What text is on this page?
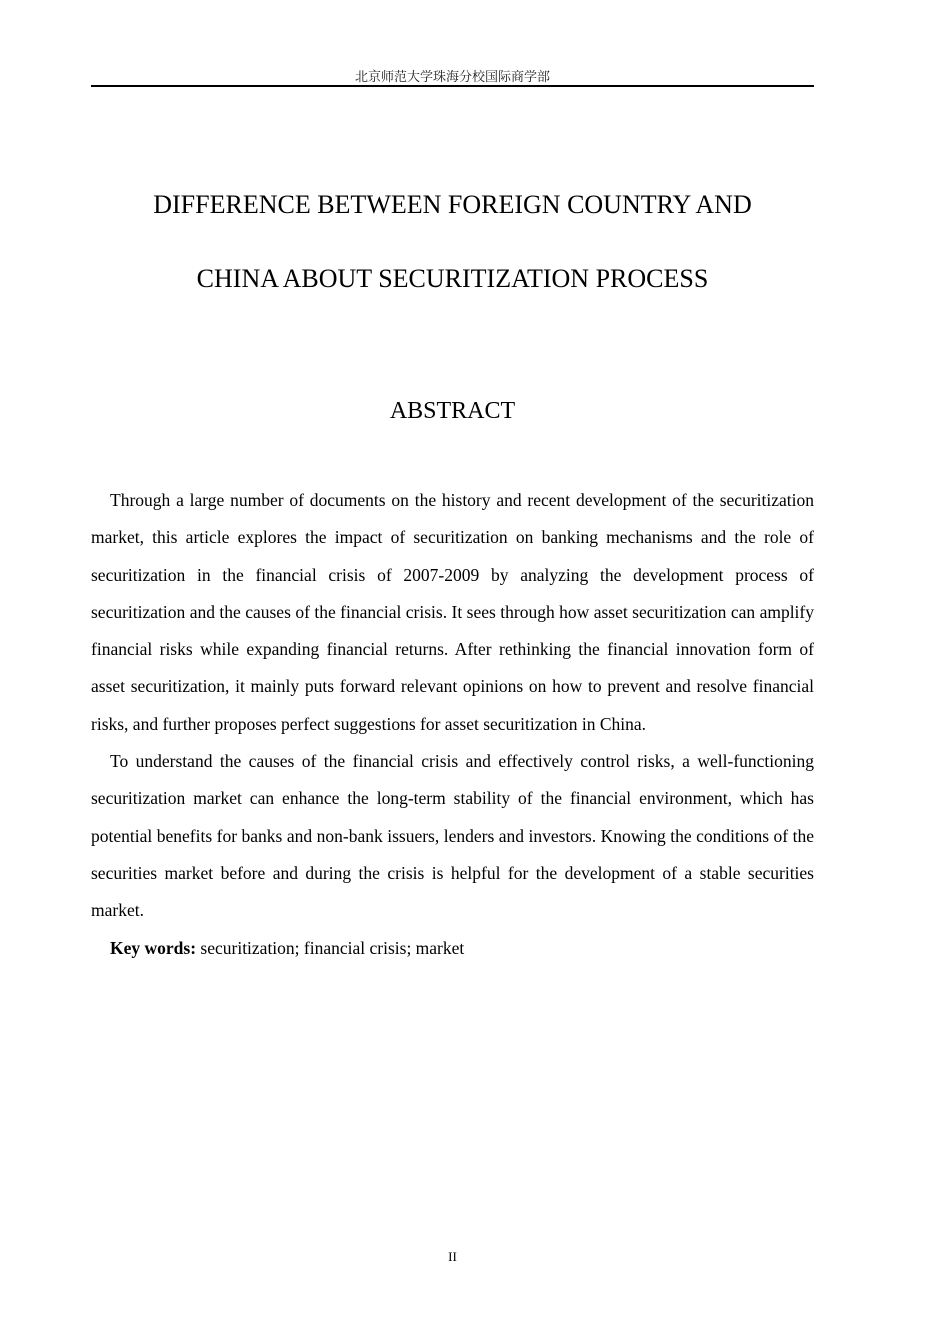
北京师范大学珠海分校国际商学部
DIFFERENCE BETWEEN FOREIGN COUNTRY AND
CHINA ABOUT SECURITIZATION PROCESS
ABSTRACT

Through a large number of documents on the history and recent development of the securitization market, this article explores the impact of securitization on banking mechanisms and the role of securitization in the financial crisis of 2007-2009 by analyzing the development process of securitization and the causes of the financial crisis. It sees through how asset securitization can amplify financial risks while expanding financial returns. After rethinking the financial innovation form of asset securitization, it mainly puts forward relevant opinions on how to prevent and resolve financial risks, and further proposes perfect suggestions for asset securitization in China.

To understand the causes of the financial crisis and effectively control risks, a well-functioning securitization market can enhance the long-term stability of the financial environment, which has potential benefits for banks and non-bank issuers, lenders and investors. Knowing the conditions of the securities market before and during the crisis is helpful for the development of a stable securities market.

Key words: securitization; financial crisis; market

II
